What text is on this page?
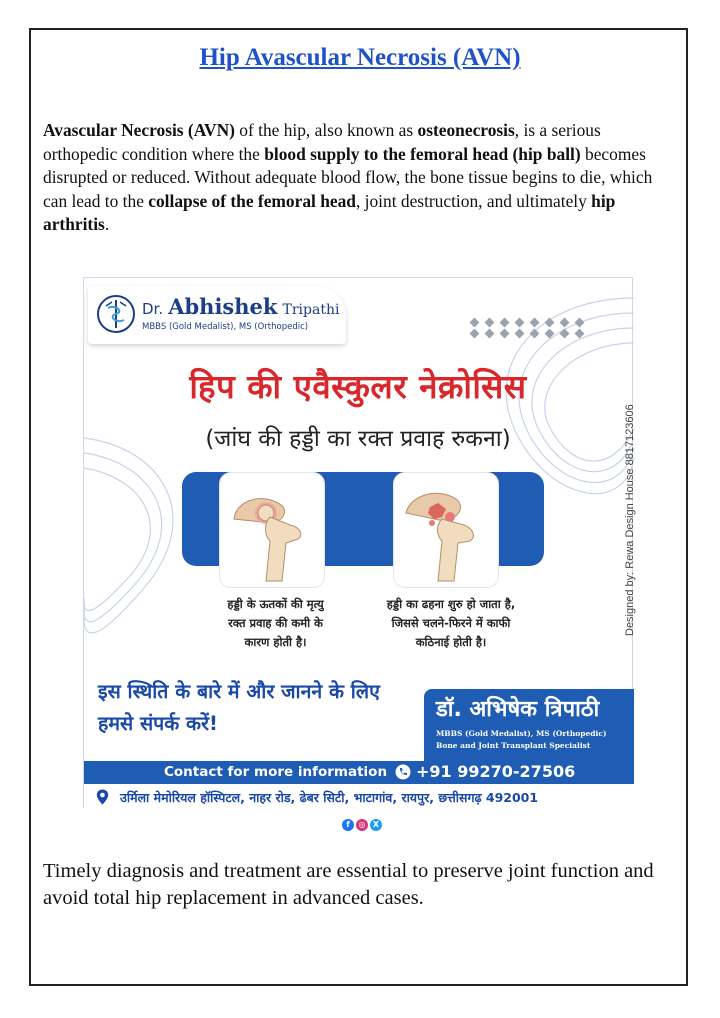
Hip Avascular Necrosis (AVN)
Avascular Necrosis (AVN) of the hip, also known as osteonecrosis, is a serious orthopedic condition where the blood supply to the femoral head (hip ball) becomes disrupted or reduced. Without adequate blood flow, the bone tissue begins to die, which can lead to the collapse of the femoral head, joint destruction, and ultimately hip arthritis.
Dr. Abhishek Tripathi
MBBS (Gold Medalist), MS (Orthopedic)
हिप की एवैस्कुलर नेक्रोसिस
(जांघ की हड्डी का रक्त प्रवाह रुकना)
हड्डी के ऊतकों की मृत्यु
रक्त प्रवाह की कमी के
कारण होती है।
हड्डी का ढहना शुरु हो जाता है,
जिससे चलने-फिरने में काफी
कठिनाई होती है।
इस स्थिति के बारे में और जानने के लिए
हमसे संपर्क करें!
डॉ. अभिषेक त्रिपाठी
MBBS (Gold Medalist), MS (Orthopedic)
Bone and Joint Transplant Specialist
Designed by: Rewa Design House 8817123606
Contact for more information +91 99270-27506
उर्मिला मेमोरियल हॉस्पिटल, नाहर रोड, ढेबर सिटी, भाटागांव, रायपुर, छत्तीसगढ़ 492001
f	◎ X
Timely diagnosis and treatment are essential to preserve joint function and avoid total hip replacement in advanced cases.
